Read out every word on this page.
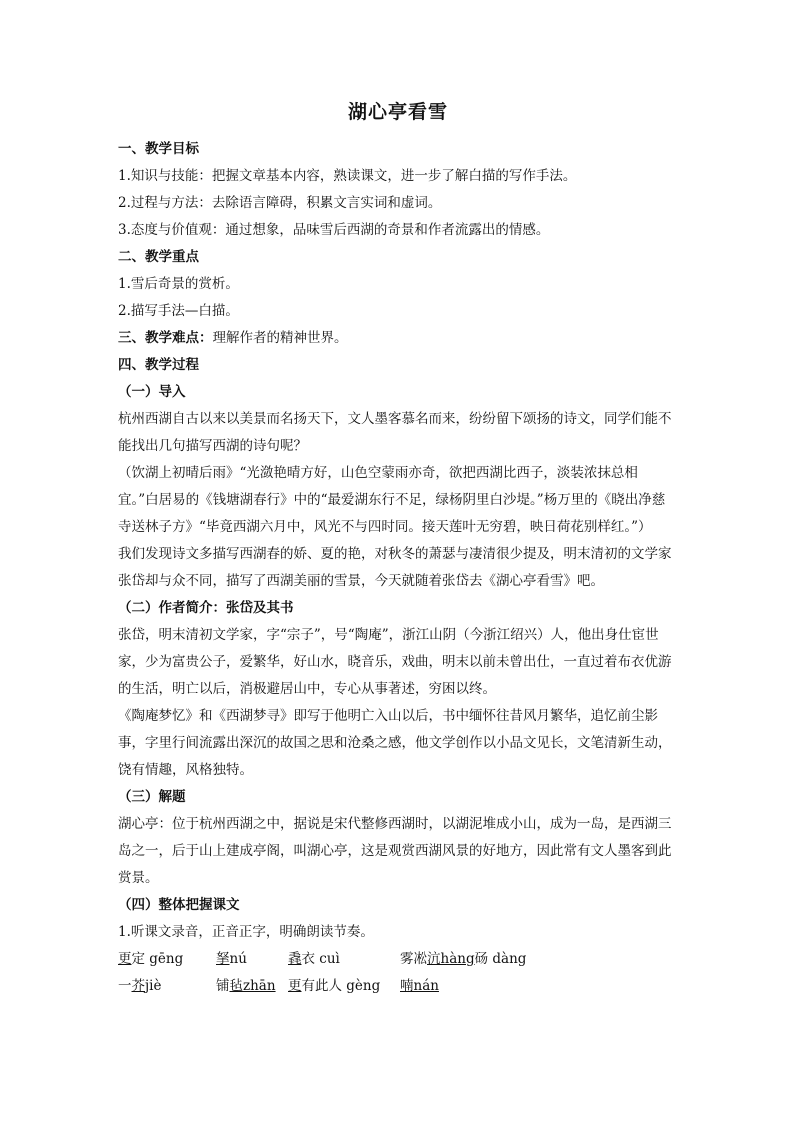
湖心亭看雪

一、教学目标

1.知识与技能：把握文章基本内容，熟读课文，进一步了解白描的写作手法。

2.过程与方法：去除语言障碍，积累文言实词和虚词。

3.态度与价值观：通过想象，品味雪后西湖的奇景和作者流露出的情感。

二、教学重点

1.雪后奇景的赏析。

2.描写手法—白描。

三、教学难点：理解作者的精神世界。

四、教学过程

（一）导入

杭州西湖自古以来以美景而名扬天下，文人墨客慕名而来，纷纷留下颂扬的诗文，同学们能不能找出几句描写西湖的诗句呢？

（饮湖上初晴后雨》“光潋艳晴方好，山色空蒙雨亦奇，欲把西湖比西子，淡装浓抹总相宜。”白居易的《钱塘湖春行》中的“最爱湖东行不足，绿杨阴里白沙堤。”杨万里的《晓出净慈寺送林子方》“毕竟西湖六月中，风光不与四时同。接天莲叶无穷碧，映日荷花别样红。”）

我们发现诗文多描写西湖春的娇、夏的艳，对秋冬的萧瑟与凄清很少提及，明末清初的文学家张岱却与众不同，描写了西湖美丽的雪景，今天就随着张岱去《湖心亭看雪》吧。

（二）作者简介：张岱及其书

张岱，明末清初文学家，字“宗子”，号“陶庵”，浙江山阴（今浙江绍兴）人，他出身仕宦世家，少为富贵公子，爱繁华，好山水，晓音乐，戏曲，明末以前未曾出仕，一直过着布衣优游的生活，明亡以后，消极避居山中，专心从事著述，穷困以终。

《陶庵梦忆》和《西湖梦寻》即写于他明亡入山以后，书中缅怀往昔风月繁华，追忆前尘影事，字里行间流露出深沉的故国之思和沧桑之感，他文学创作以小品文见长，文笔清新生动，饶有情趣，风格独特。

（三）解题

湖心亭：位于杭州西湖之中，据说是宋代整修西湖时，以湖泥堆成小山，成为一岛，是西湖三岛之一，后于山上建成亭阁，叫湖心亭，这是观赏西湖风景的好地方，因此常有文人墨客到此赏景。

（四）整体把握课文

1.听课文录音，正音正字，明确朗读节奏。

更定 gēng	拏nú	毳衣 cuì	雾凇沆hàng砀 dàng
一芥jiè	铺毡zhān 更有此人 gèng	喃nán
